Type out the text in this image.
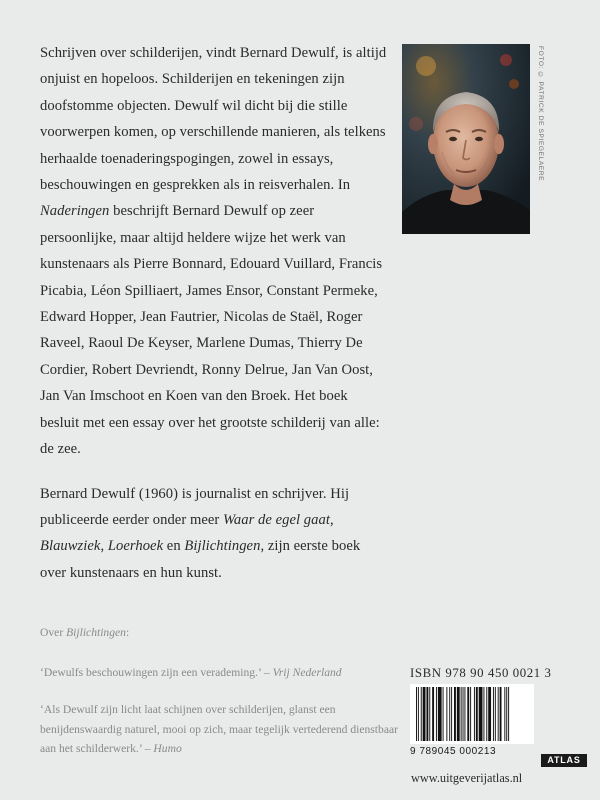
Schrijven over schilderijen, vindt Bernard Dewulf, is altijd onjuist en hopeloos. Schilderijen en tekeningen zijn doofstomme objecten. Dewulf wil dicht bij die stille voorwerpen komen, op verschillende manieren, als telkens herhaalde toenaderingspogingen, zowel in essays, beschouwingen en gesprekken als in reisverhalen. In Naderingen beschrijft Bernard Dewulf op zeer persoonlijke, maar altijd heldere wijze het werk van kunstenaars als Pierre Bonnard, Edouard Vuillard, Francis Picabia, Léon Spilliaert, James Ensor, Constant Permeke, Edward Hopper, Jean Fautrier, Nicolas de Staël, Roger Raveel, Raoul De Keyser, Marlene Dumas, Thierry De Cordier, Robert Devriendt, Ronny Delrue, Jan Van Oost, Jan Van Imschoot en Koen van den Broek. Het boek besluit met een essay over het grootste schilderij van alle: de zee.

Bernard Dewulf (1960) is journalist en schrijver. Hij publiceerde eerder onder meer Waar de egel gaat, Blauwziek, Loerhoek en Bijlichtingen, zijn eerste boek over kunstenaars en hun kunst.

FOTO: © PATRICK DE SPIEGELAERE

Over Bijlichtingen:

‘Dewulfs beschouwingen zijn een verademing.’ – Vrij Nederland

‘Als Dewulf zijn licht laat schijnen over schilderijen, glanst een benijdenswaardig naturel, mooi op zich, maar tegelijk vertederend dienstbaar aan het schilderwerk.’ – Humo

ISBN 978 90 450 0021 3
9 789045 000213
ATLAS
www.uitgeverijatlas.nl
